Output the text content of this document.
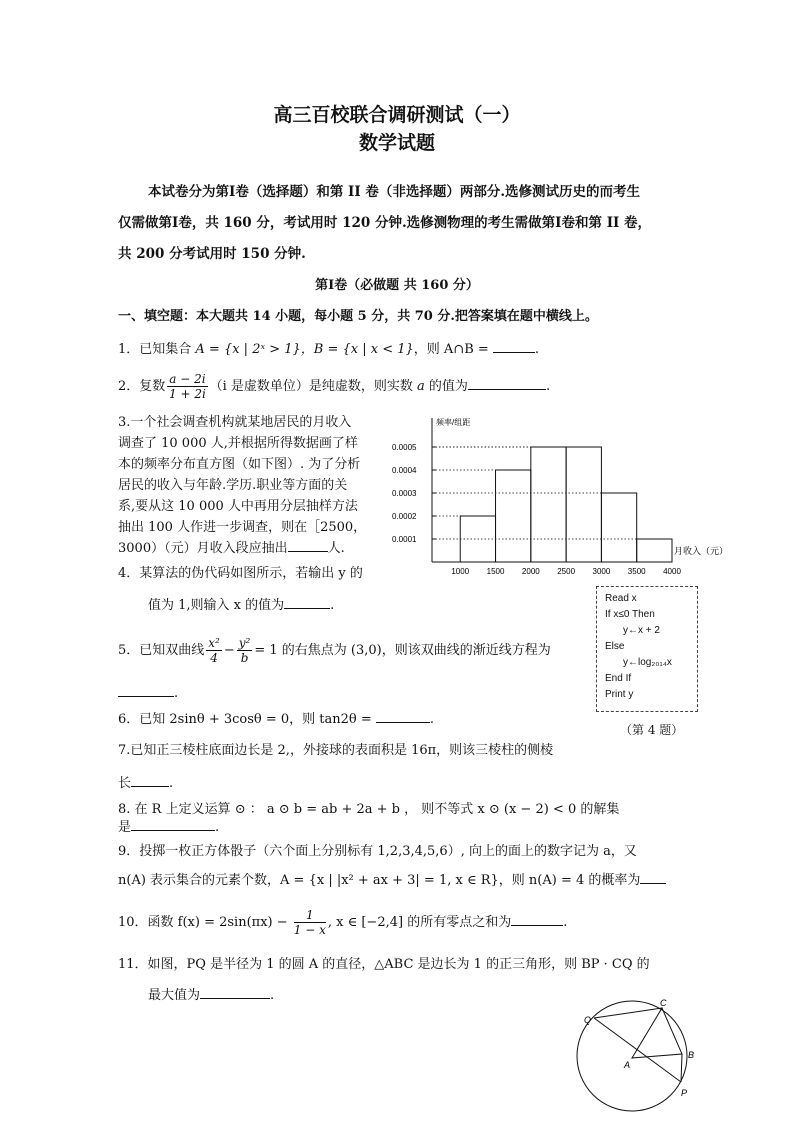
高三百校联合调研测试（一）
数学试题
本试卷分为第Ⅰ卷（选择题）和第 II 卷（非选择题）两部分.选修测试历史的而考生
仅需做第Ⅰ卷，共 160 分，考试用时 120 分钟.选修测物理的考生需做第Ⅰ卷和第 II 卷，
共 200 分考试用时 150 分钟.
第Ⅰ卷（必做题 共 160 分）
一、填空题：本大题共 14 小题，每小题 5 分，共 70 分.把答案填在题中横线上。
1．已知集合 A = {x | 2ˣ > 1}，B = {x | x < 1}，则 A∩B =	.
2．复数 $\frac{a - 2i}{1 + 2i} (i$ 是虚数单位）是纯虚数，则实数 a 的值为	.
3.一个社会调查机构就某地居民的月收入
调查了 10 000 人,并根据所得数据画了样
本的频率分布直方图（如下图）. 为了分析
居民的收入与年龄.学历.职业等方面的关
系,要从这 10 000 人中再用分层抽样方法
抽出 100 人作进一步调查，则在［2500，
3000）（元）月收入段应抽出	人.
0.0001
0.0002
0.0003
0.0004
0.0005
1000 1500 2000 2500 3000 3500 4000
频率/组距
月收入（元）
4．某算法的伪代码如图所示，若输出 y 的
值为 1,则输入 x 的值为	.	Read x
If x≤0 Then
y←x + 2
Else
y←log₂₀₁₄x
End If
Print y
（第 4 题）
5．已知双曲线 $\frac{\text{x²}}{4} - \frac{\text{y²}}{b} = 1$ 的右焦点为 (3,0)，则该双曲线的渐近线方程为
.
6．已知 2sinθ + 3cosθ = 0，则 tan2θ =	.
7.已知正三棱柱底面边长是 2,，外接球的表面积是 16π，则该三棱柱的侧棱
长	.
8. 在 R 上定义运算 ⊙ ： a ⊙ b = ab + 2a + b ， 则不等式 x ⊙ (x − 2) < 0 的解集
是	.
9．投掷一枚正方体骰子（六个面上分别标有 1,2,3,4,5,6）, 向上的面上的数字记为 a，又
n(A) 表示集合的元素个数，A = {x | |x² + ax + 3| = 1, x ∈ R}，则 n(A) = 4 的概率为
10．函数 $f(x) = 2\sin(\pi x) - \frac{1}{1 - x}$ , x ∈ [−2,4] 的所有零点之和为	.
11．如图，PQ 是半径为 1 的圆 A 的直径，△ABC 是边长为 1 的正三角形，则 BP · CQ 的
最大值为	.
Q
C
A
B
P
